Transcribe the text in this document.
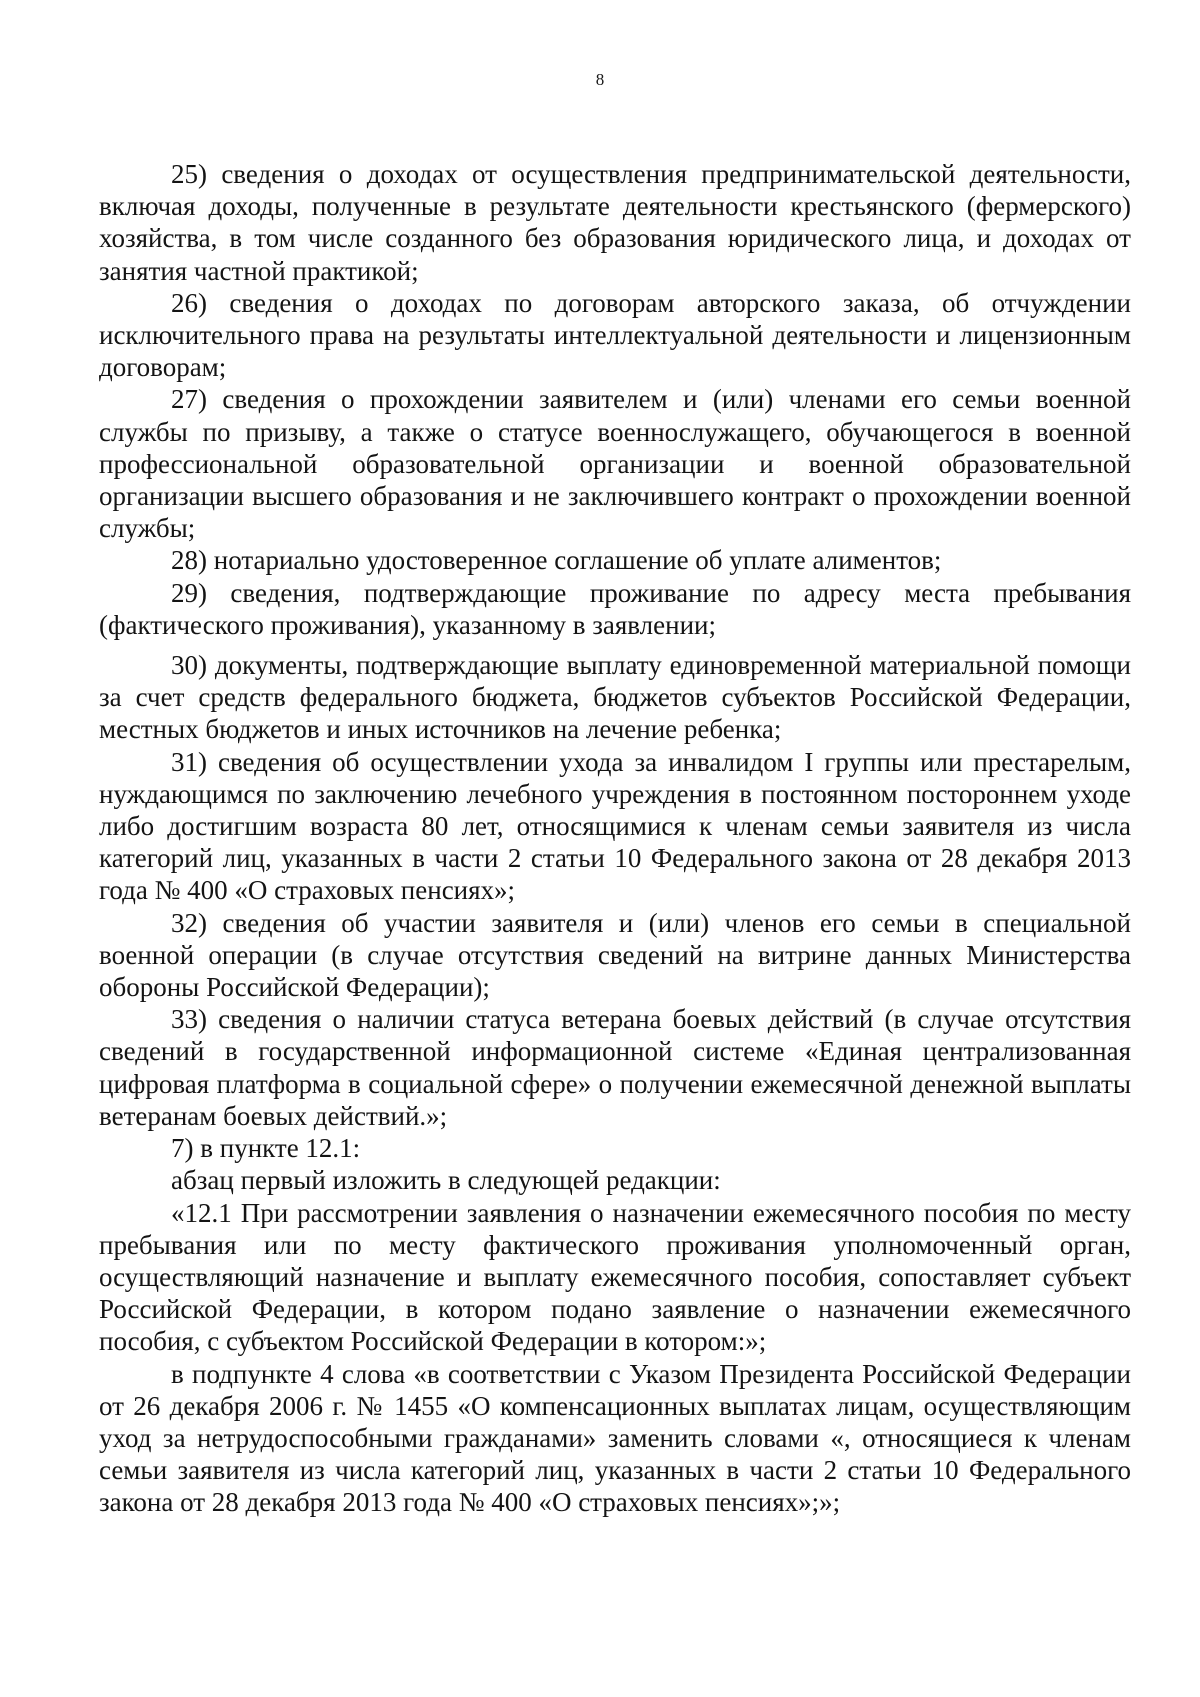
8

25) сведения о доходах от осуществления предпринимательской деятельности, включая доходы, полученные в результате деятельности крестьянского (фермерского) хозяйства, в том числе созданного без образования юридического лица, и доходах от занятия частной практикой;

26) сведения о доходах по договорам авторского заказа, об отчуждении исключительного права на результаты интеллектуальной деятельности и лицензионным договорам;

27) сведения о прохождении заявителем и (или) членами его семьи военной службы по призыву, а также о статусе военнослужащего, обучающегося в военной профессиональной образовательной организации и военной образовательной организации высшего образования и не заключившего контракт о прохождении военной службы;

28) нотариально удостоверенное соглашение об уплате алиментов;

29) сведения, подтверждающие проживание по адресу места пребывания (фактического проживания), указанному в заявлении;

30) документы, подтверждающие выплату единовременной материальной помощи за счет средств федерального бюджета, бюджетов субъектов Российской Федерации, местных бюджетов и иных источников на лечение ребенка;

31) сведения об осуществлении ухода за инвалидом I группы или престарелым, нуждающимся по заключению лечебного учреждения в постоянном постороннем уходе либо достигшим возраста 80 лет, относящимися к членам семьи заявителя из числа категорий лиц, указанных в части 2 статьи 10 Федерального закона от 28 декабря 2013 года № 400 «О страховых пенсиях»;

32) сведения об участии заявителя и (или) членов его семьи в специальной военной операции (в случае отсутствия сведений на витрине данных Министерства обороны Российской Федерации);

33) сведения о наличии статуса ветерана боевых действий (в случае отсутствия сведений в государственной информационной системе «Единая централизованная цифровая платформа в социальной сфере» о получении ежемесячной денежной выплаты ветеранам боевых действий.»;

7) в пункте 12.1:

абзац первый изложить в следующей редакции:

«12.1 При рассмотрении заявления о назначении ежемесячного пособия по месту пребывания или по месту фактического проживания уполномоченный орган, осуществляющий назначение и выплату ежемесячного пособия, сопоставляет субъект Российской Федерации, в котором подано заявление о назначении ежемесячного пособия, с субъектом Российской Федерации в котором:»;

в подпункте 4 слова «в соответствии с Указом Президента Российской Федерации от 26 декабря 2006 г. № 1455 «О компенсационных выплатах лицам, осуществляющим уход за нетрудоспособными гражданами» заменить словами «, относящиеся к членам семьи заявителя из числа категорий лиц, указанных в части 2 статьи 10 Федерального закона от 28 декабря 2013 года № 400 «О страховых пенсиях»;»;
